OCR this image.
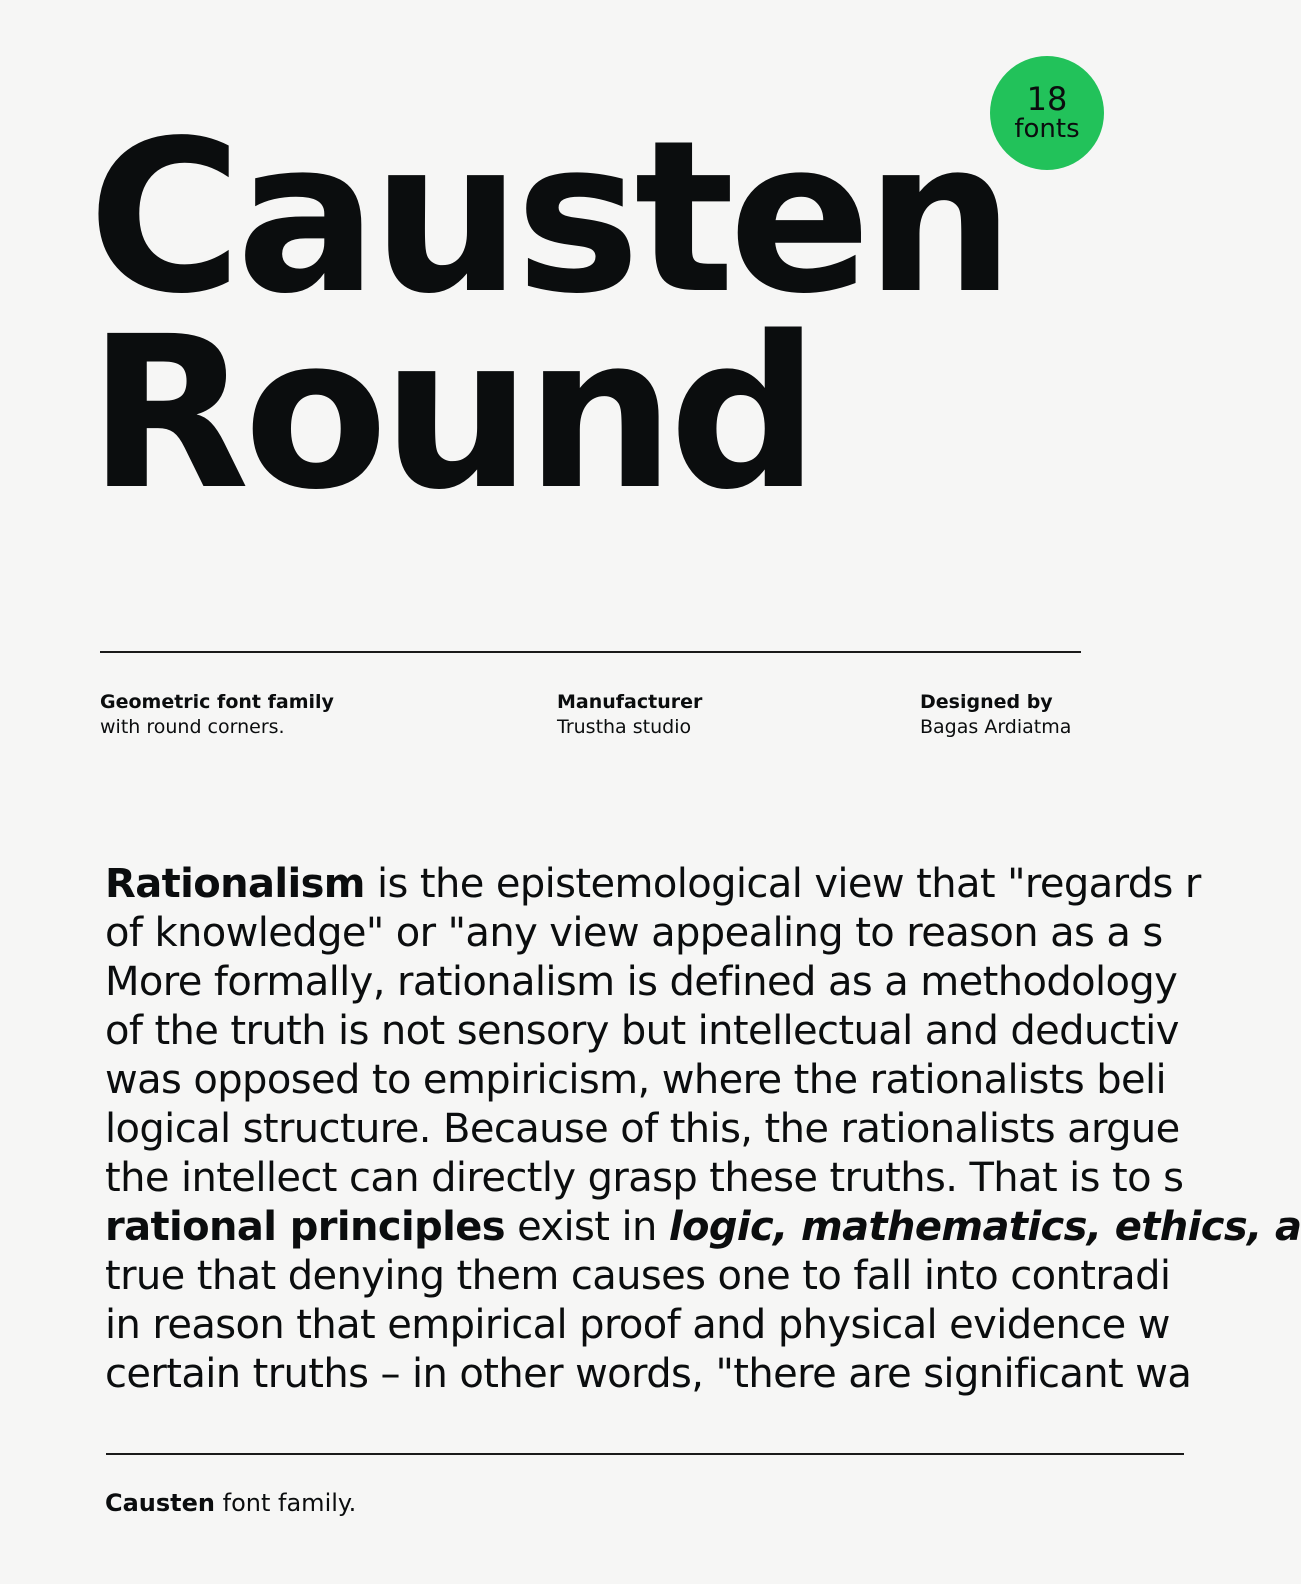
18
fonts
Causten
Round
Geometric font family
with round corners.
Manufacturer
Trustha studio
Designed by
Bagas Ardiatma
Rationalism is the epistemological view that "regards r
of knowledge" or "any view appealing to reason as a s
More formally, rationalism is defined as a methodology
of the truth is not sensory but intellectual and deductiv
was opposed to empiricism, where the rationalists beli
logical structure. Because of this, the rationalists argue
the intellect can directly grasp these truths. That is to s
rational principles exist in logic, mathematics, ethics, a
true that denying them causes one to fall into contradi
in reason that empirical proof and physical evidence w
certain truths – in other words, "there are significant wa
Causten font family.
